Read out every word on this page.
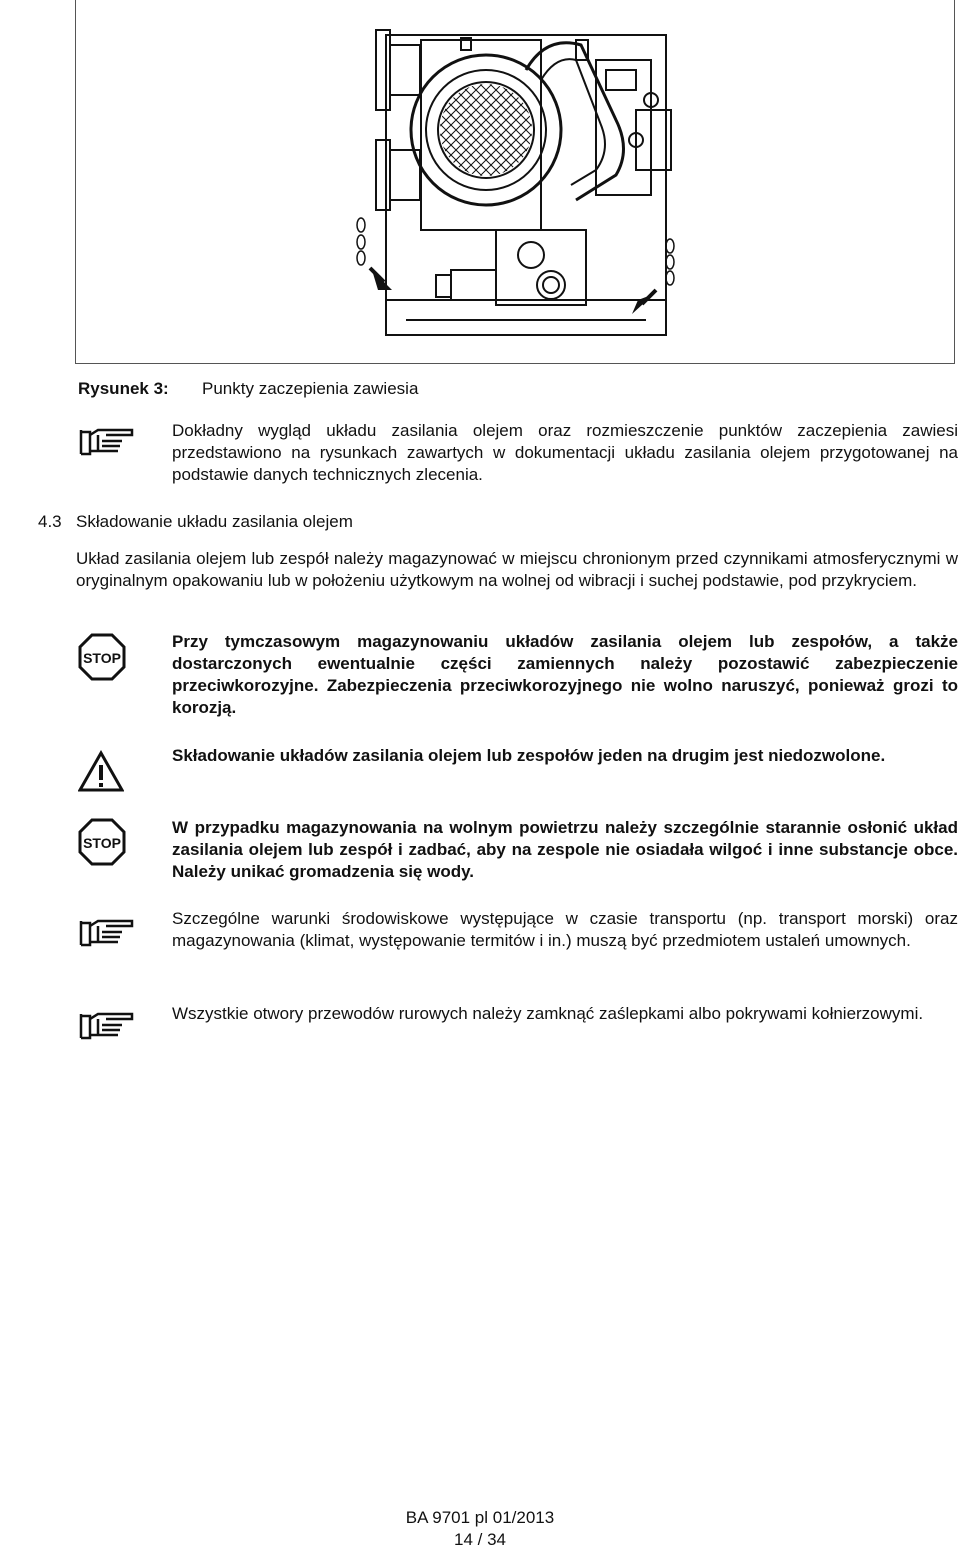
Rysunek 3: Punkty zaczepienia zawiesia
Dokładny wygląd układu zasilania olejem oraz rozmieszczenie punktów zaczepienia zawiesi przedstawiono na rysunkach zawartych w dokumentacji układu zasilania olejem przygotowanej na podstawie danych technicznych zlecenia.
4.3 Składowanie układu zasilania olejem
Układ zasilania olejem lub zespół należy magazynować w miejscu chronionym przed czynnikami atmosferycznymi w oryginalnym opakowaniu lub w położeniu użytkowym na wolnej od wibracji i suchej podstawie, pod przykryciem.
STOP
Przy tymczasowym magazynowaniu układów zasilania olejem lub zespołów, a także dostarczonych ewentualnie części zamiennych należy pozostawić zabezpieczenie przeciwkorozyjne. Zabezpieczenia przeciwkorozyjnego nie wolno naruszyć, ponieważ grozi to korozją.
Składowanie układów zasilania olejem lub zespołów jeden na drugim jest niedozwolone.
STOP
W przypadku magazynowania na wolnym powietrzu należy szczególnie starannie osłonić układ zasilania olejem lub zespół i zadbać, aby na zespole nie osiadała wilgoć i inne substancje obce. Należy unikać gromadzenia się wody.
Szczególne warunki środowiskowe występujące w czasie transportu (np. transport morski) oraz magazynowania (klimat, występowanie termitów i in.) muszą być przedmiotem ustaleń umownych.
Wszystkie otwory przewodów rurowych należy zamknąć zaślepkami albo pokrywami kołnierzowymi.
BA 9701 pl 01/2013
14 / 34
